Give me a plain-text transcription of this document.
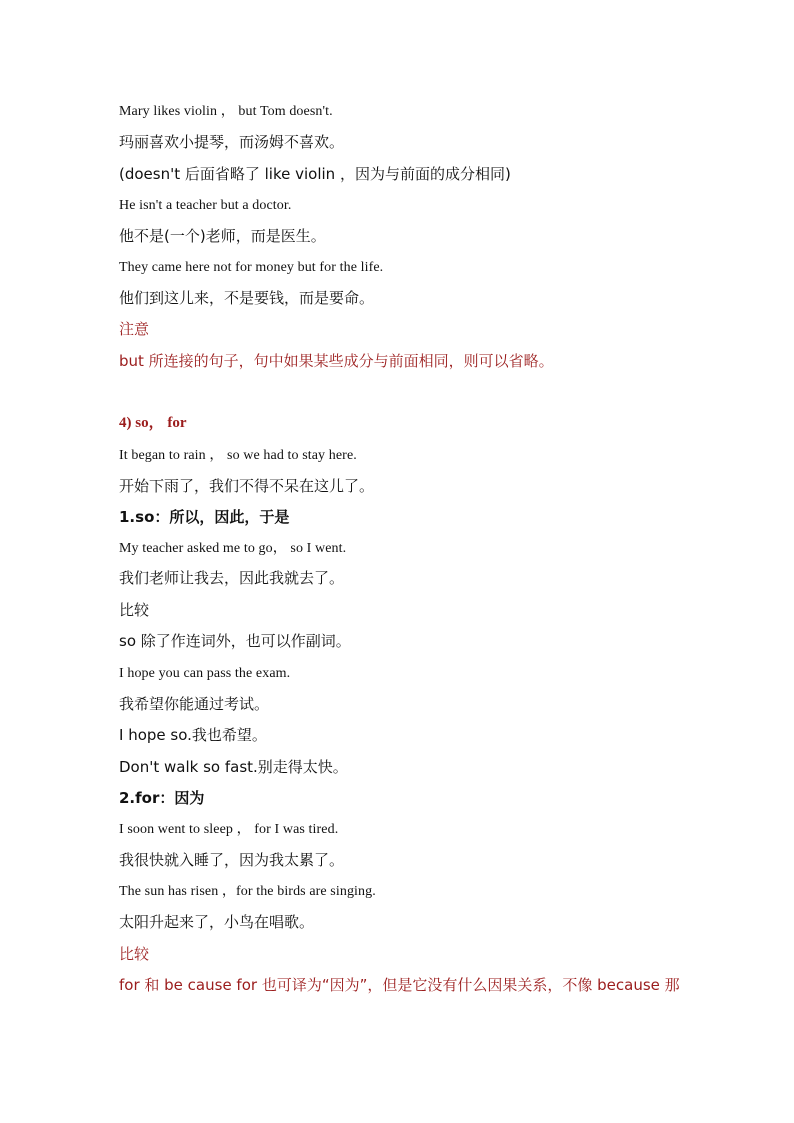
Mary likes violin ， but Tom doesn't.
玛丽喜欢小提琴，而汤姆不喜欢。
(doesn't 后面省略了 like violin ，因为与前面的成分相同)
He isn't a teacher but a doctor.
他不是(一个)老师，而是医生。
They came here not for money but for the life.
他们到这儿来，不是要钱，而是要命。
注意
but 所连接的句子，句中如果某些成分与前面相同，则可以省略。
4) so， for
It began to rain ， so we had to stay here.
开始下雨了，我们不得不呆在这儿了。
1.so：所以，因此，于是
My teacher asked me to go， so I went.
我们老师让我去，因此我就去了。
比较
so 除了作连词外，也可以作副词。
I hope you can pass the exam.
我希望你能通过考试。
I hope so.我也希望。
Don't walk so fast.别走得太快。
2.for：因为
I soon went to sleep ， for I was tired.
我很快就入睡了，因为我太累了。
The sun has risen ，for the birds are singing.
太阳升起来了，小鸟在唱歌。
比较
for 和 be cause for 也可译为“因为”，但是它没有什么因果关系，不像 because 那
